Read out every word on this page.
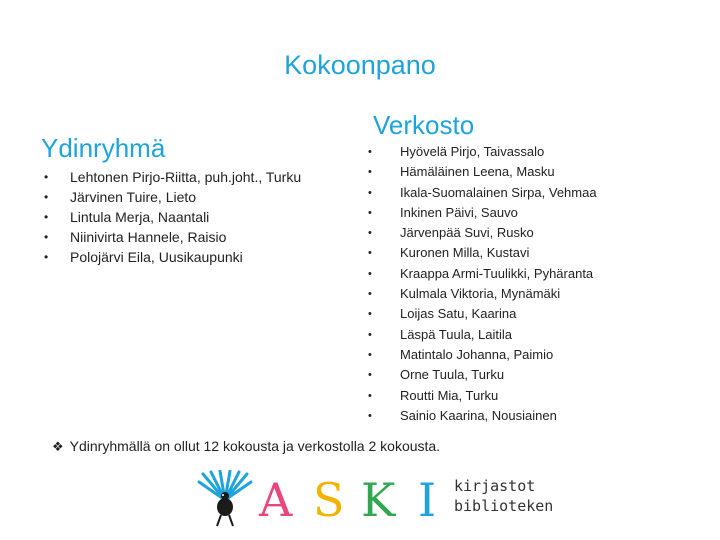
Kokoonpano
Ydinryhmä
• Lehtonen Pirjo-Riitta, puh.joht., Turku
• Järvinen Tuire, Lieto
• Lintula Merja, Naantali
• Niinivirta Hannele, Raisio
• Polojärvi Eila, Uusikaupunki
Verkosto
• Hyövelä Pirjo, Taivassalo
• Hämäläinen Leena, Masku
• Ikala-Suomalainen Sirpa, Vehmaa
• Inkinen Päivi, Sauvo
• Järvenpää Suvi, Rusko
• Kuronen Milla, Kustavi
• Kraappa Armi-Tuulikki, Pyhäranta
• Kulmala Viktoria, Mynämäki
• Loijas Satu, Kaarina
• Läspä Tuula, Laitila
• Matintalo Johanna, Paimio
• Orne Tuula, Turku
• Routti Mia, Turku
• Sainio Kaarina, Nousiainen
❖ Ydinryhmällä on ollut 12 kokousta ja verkostolla 2 kokousta.
A S K I kirjastot
biblioteken
